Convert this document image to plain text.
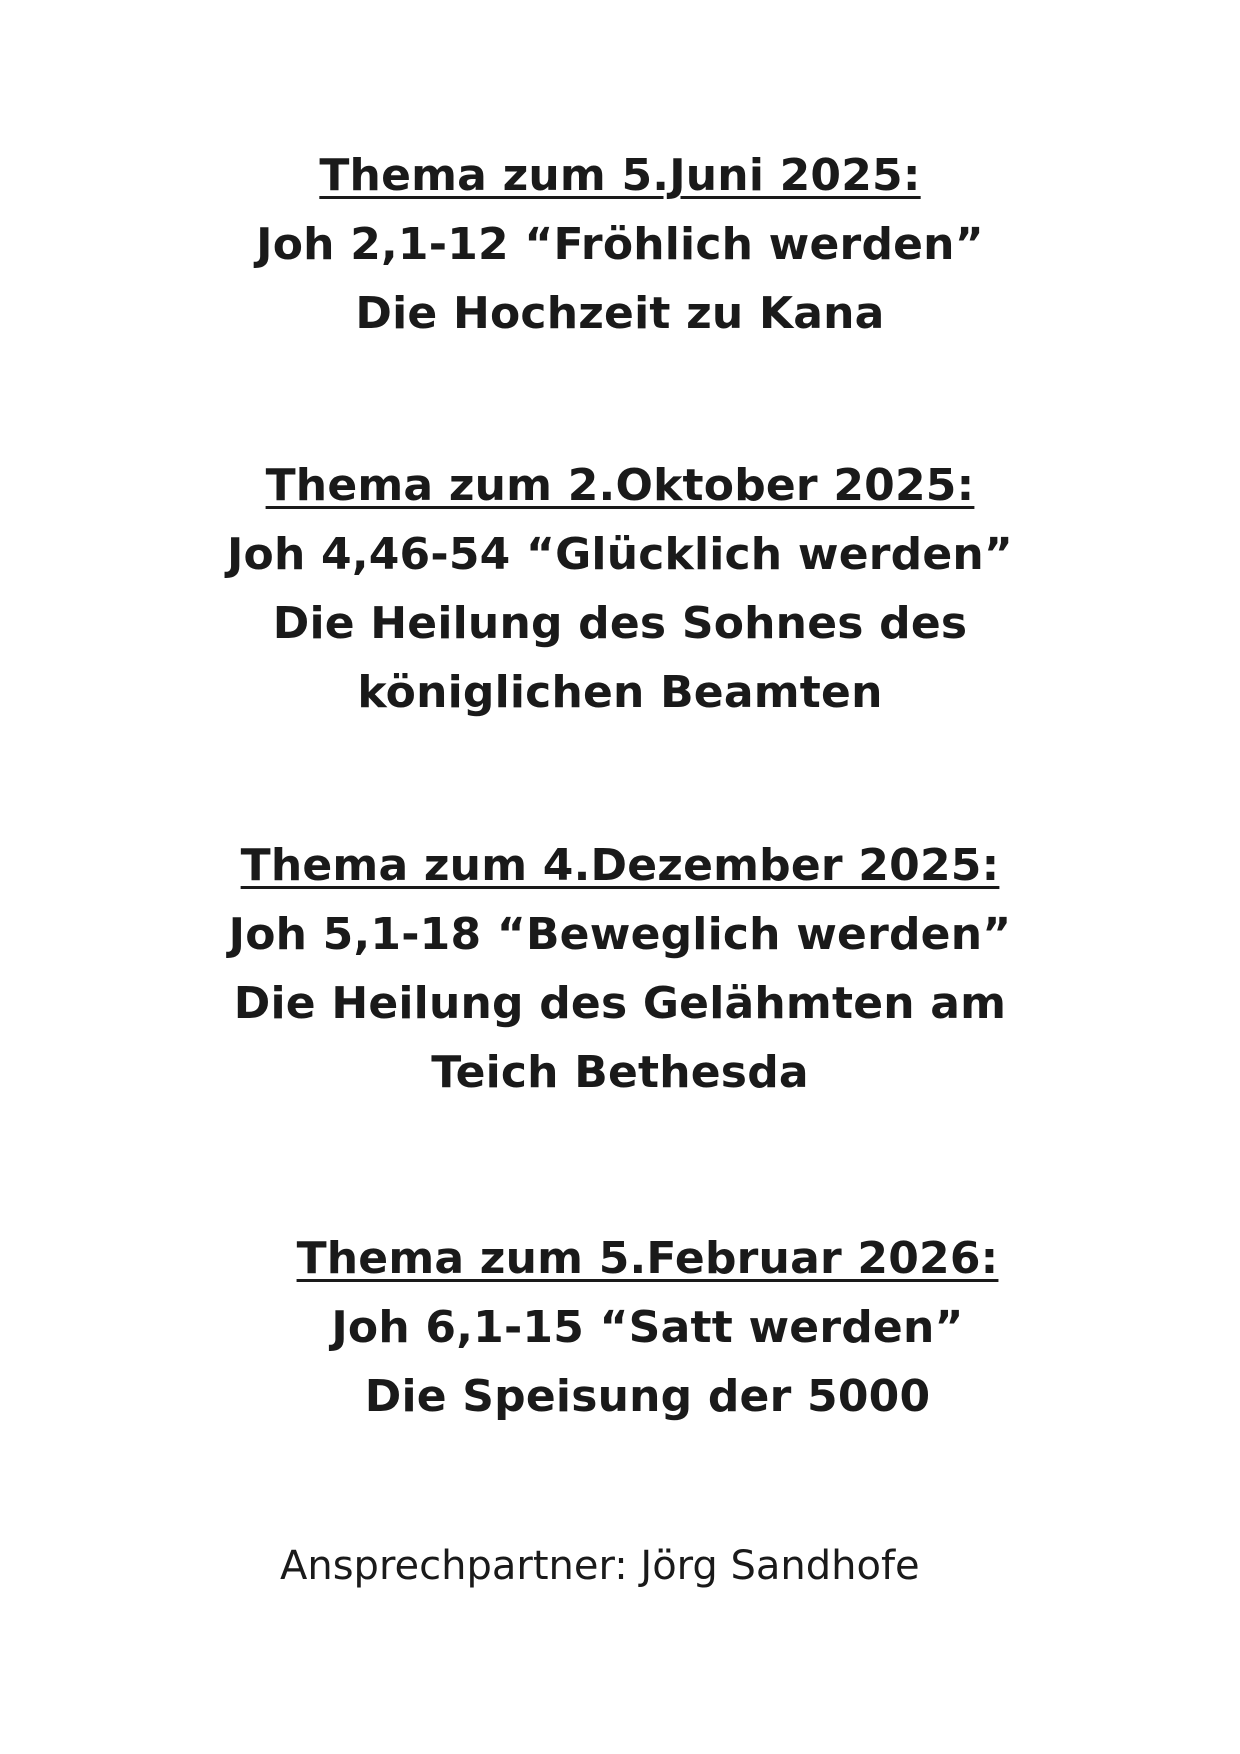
Thema zum 5.Juni 2025:
Joh 2,1-12 “Fröhlich werden”
Die Hochzeit zu Kana
Thema zum 2.Oktober 2025:
Joh 4,46-54 “Glücklich werden”
Die Heilung des Sohnes des
königlichen Beamten
Thema zum 4.Dezember 2025:
Joh 5,1-18 “Beweglich werden”
Die Heilung des Gelähmten am
Teich Bethesda
Thema zum 5.Februar 2026:
Joh 6,1-15 “Satt werden”
Die Speisung der 5000
Ansprechpartner: Jörg Sandhofe
